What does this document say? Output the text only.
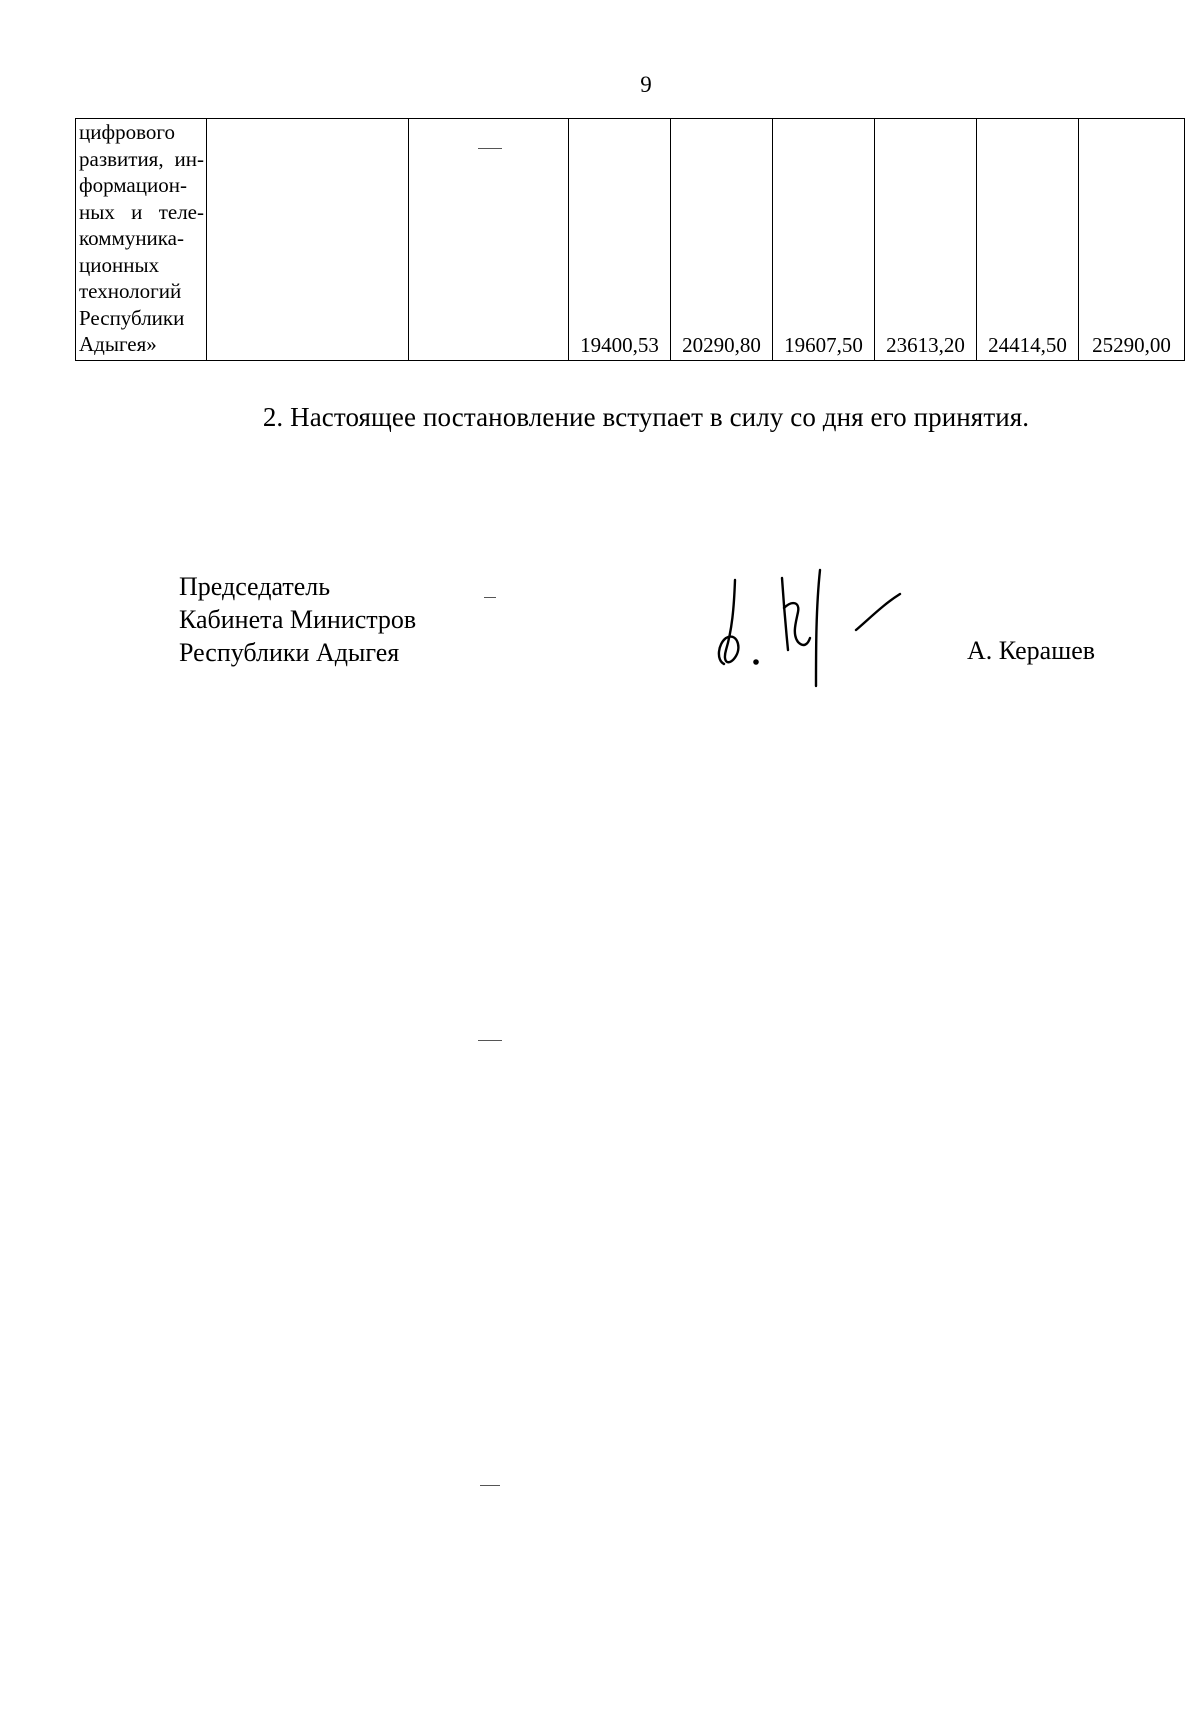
9
цифрового
развития, ин-
формацион-
ных и теле-
коммуника-
ционных
технологий
Республики
Адыгея»			19400,53	20290,80	19607,50	23613,20	24414,50	25290,00
2. Настоящее постановление вступает в силу со дня его принятия.
Председатель
Кабинета Министров
Республики Адыгея	А. Керашев
